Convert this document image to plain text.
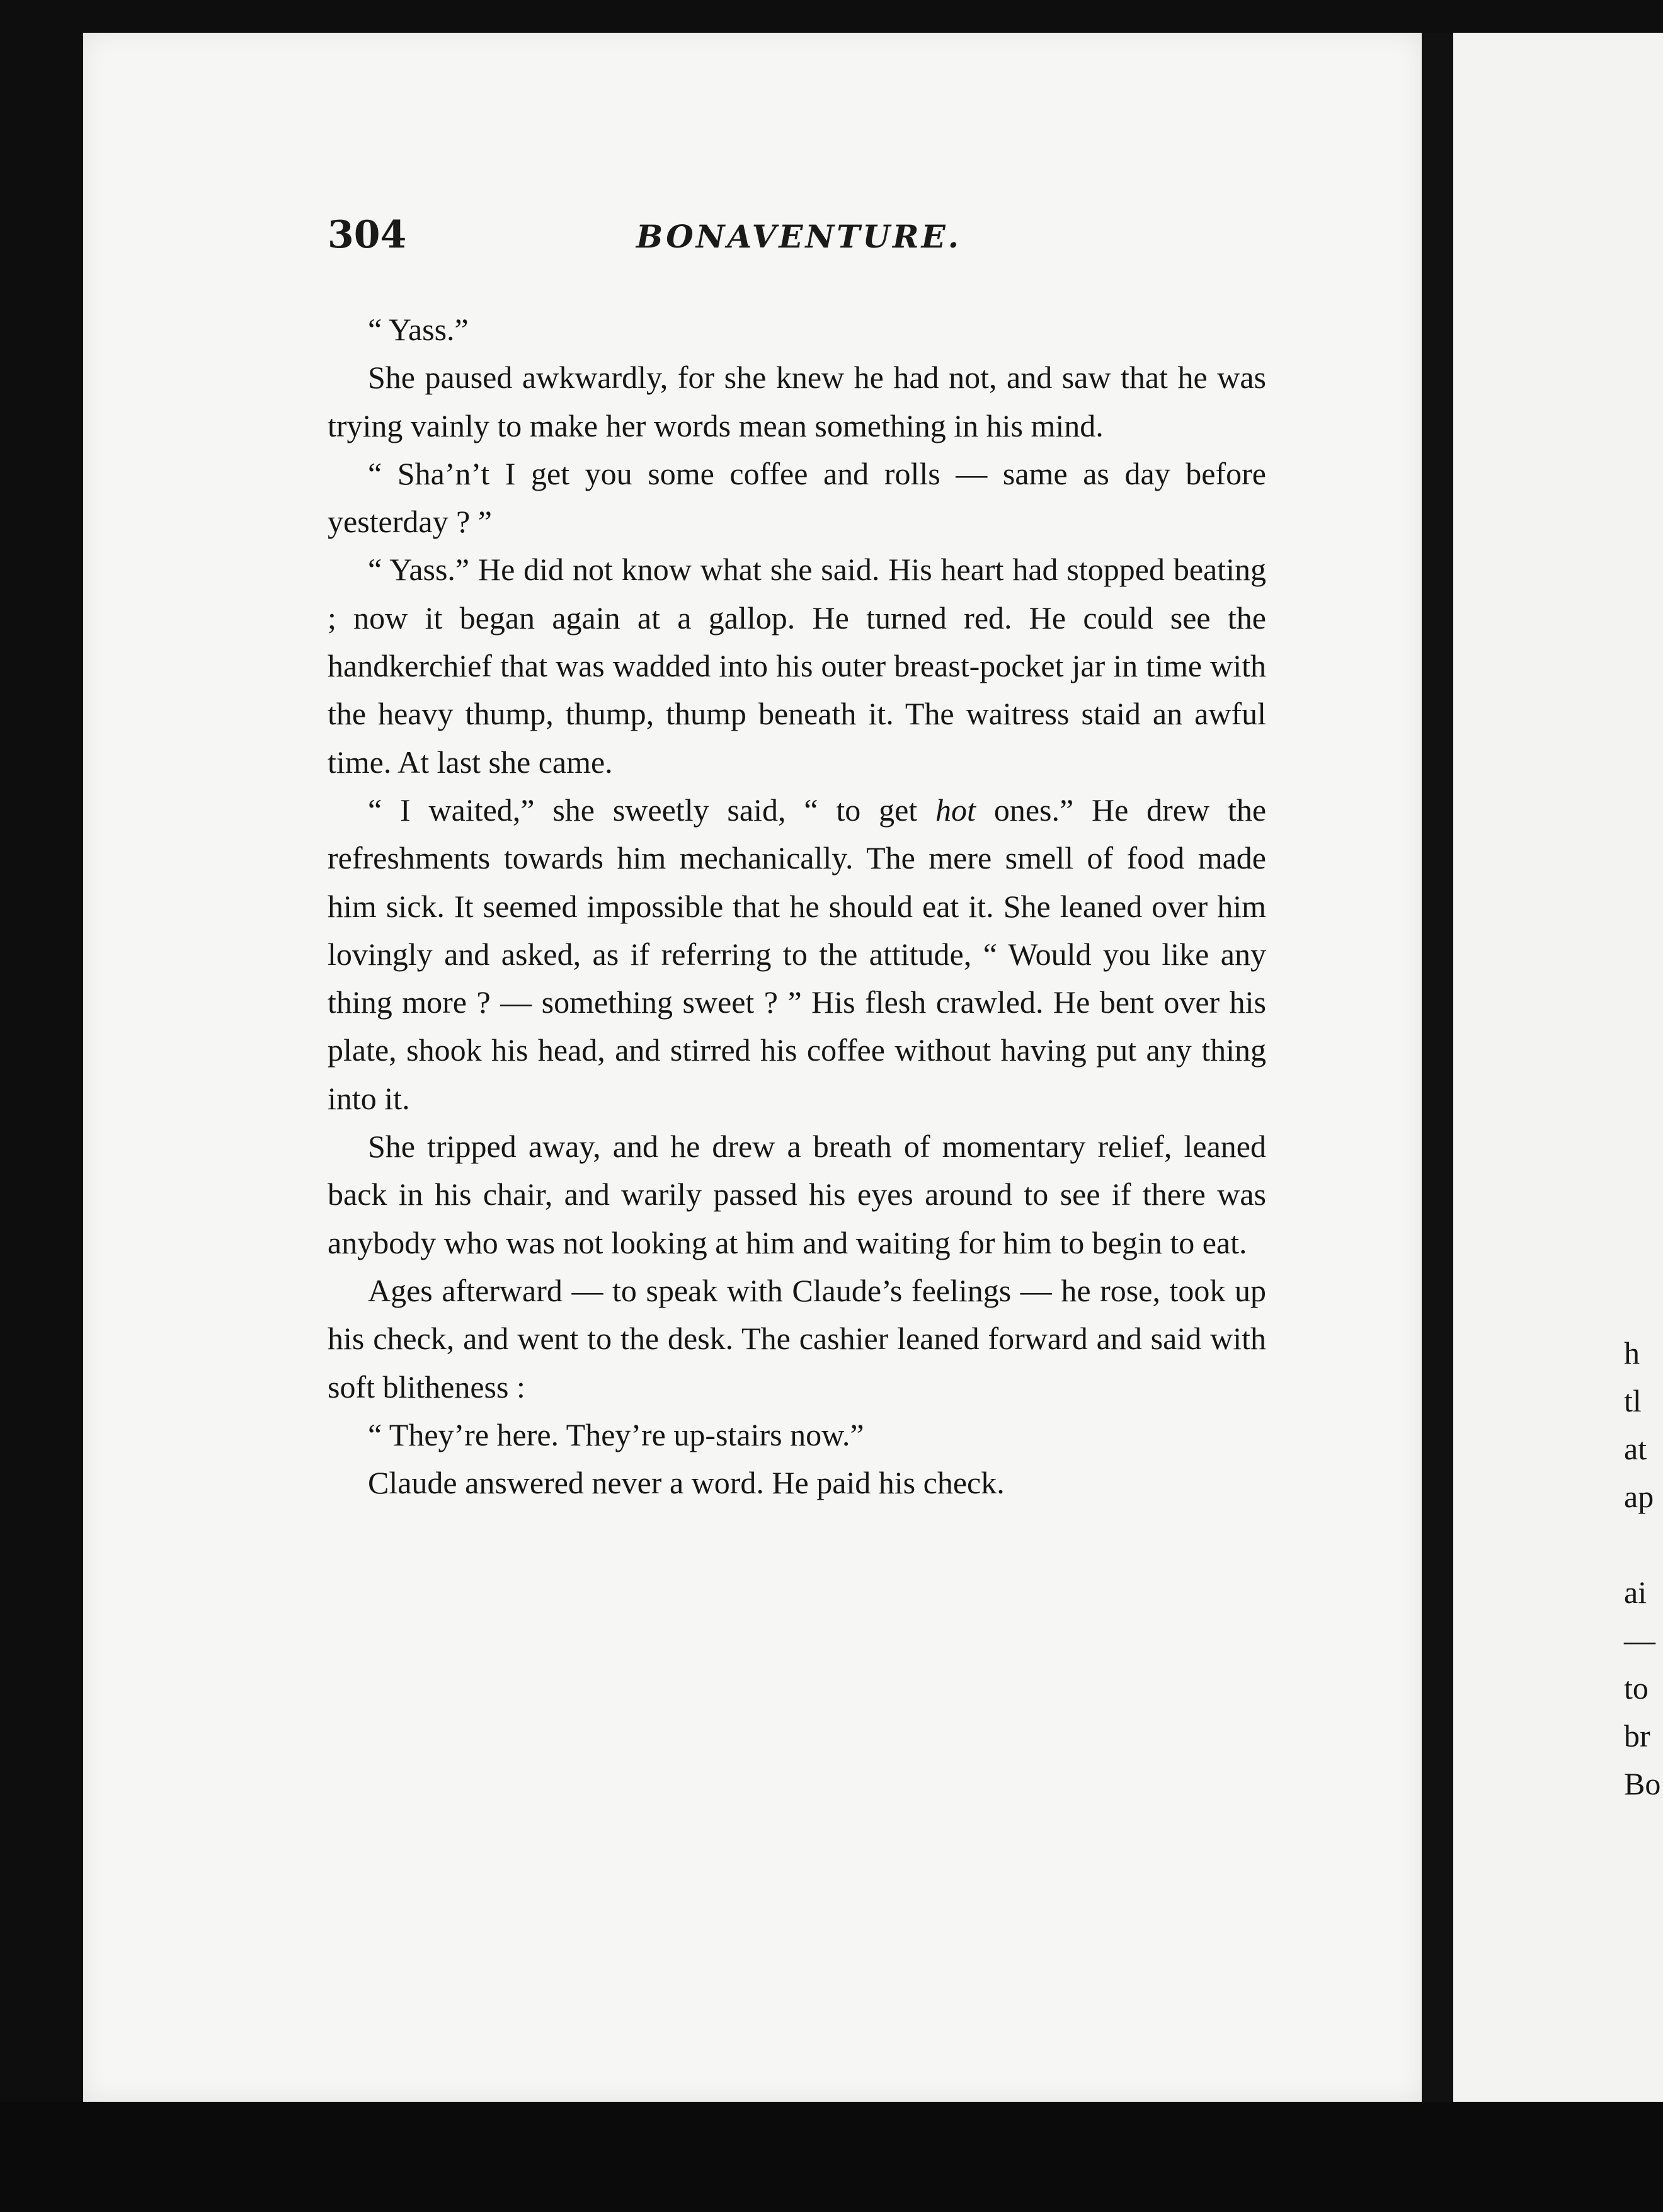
304	BONAVENTURE.

“ Yass.”

She paused awkwardly, for she knew he had not, and saw that he was trying vainly to make her words mean something in his mind.

“ Sha’n’t I get you some coffee and rolls — same as day before yesterday ? ”

“ Yass.” He did not know what she said. His heart had stopped beating ; now it began again at a gallop. He turned red. He could see the handkerchief that was wadded into his outer breast-pocket jar in time with the heavy thump, thump, thump beneath it. The waitress staid an awful time. At last she came.

“ I waited,” she sweetly said, “ to get hot ones.” He drew the refreshments towards him mechanically. The mere smell of food made him sick. It seemed impossible that he should eat it. She leaned over him lovingly and asked, as if referring to the attitude, “ Would you like any thing more ? — something sweet ? ” His flesh crawled. He bent over his plate, shook his head, and stirred his coffee without having put any thing into it.

She tripped away, and he drew a breath of momentary relief, leaned back in his chair, and warily passed his eyes around to see if there was anybody who was not looking at him and waiting for him to begin to eat.

Ages afterward — to speak with Claude’s feelings — he rose, took up his check, and went to the desk. The cashier leaned forward and said with soft blitheness :

“ They’re here. They’re up-stairs now.”

Claude answered never a word. He paid his check.

h
tl
at
ap
ai
—
to
br
Bo
